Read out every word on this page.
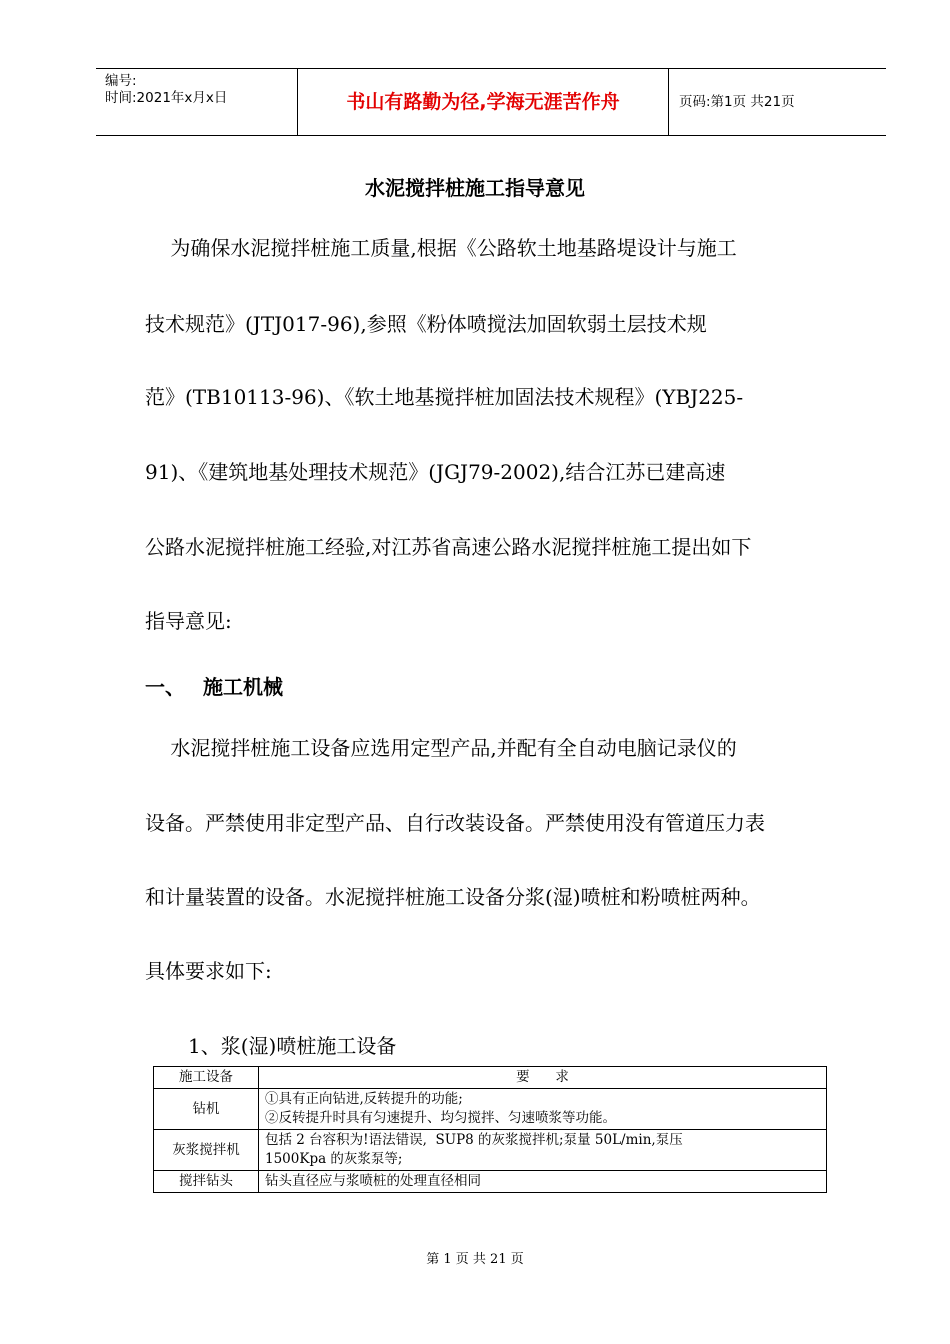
编号:
时间:2021年x月x日	书山有路勤为径,学海无涯苦作舟	页码:第1页 共21页
水泥搅拌桩施工指导意见
为确保水泥搅拌桩施工质量,根据《公路软土地基路堤设计与施工
技术规范》(JTJ017-96),参照《粉体喷搅法加固软弱土层技术规
范》(TB10113-96)、《软土地基搅拌桩加固法技术规程》(YBJ225-
91)、《建筑地基处理技术规范》(JGJ79-2002),结合江苏已建高速
公路水泥搅拌桩施工经验,对江苏省高速公路水泥搅拌桩施工提出如下
指导意见:
一、 施工机械
水泥搅拌桩施工设备应选用定型产品,并配有全自动电脑记录仪的
设备。严禁使用非定型产品、自行改装设备。严禁使用没有管道压力表
和计量装置的设备。水泥搅拌桩施工设备分浆(湿)喷桩和粉喷桩两种。
具体要求如下:
1、浆(湿)喷桩施工设备
施工设备	要      求
钻机	①具有正向钻进,反转提升的功能;
②反转提升时具有匀速提升、均匀搅拌、匀速喷浆等功能。

灰浆搅拌机	包括 2 台容积为!语法错误,  SUP8 的灰浆搅拌机;泵量 50L/min,泵压
1500Kpa 的灰浆泵等;

搅拌钻头	钻头直径应与浆喷桩的处理直径相同
第 1 页 共 21 页
